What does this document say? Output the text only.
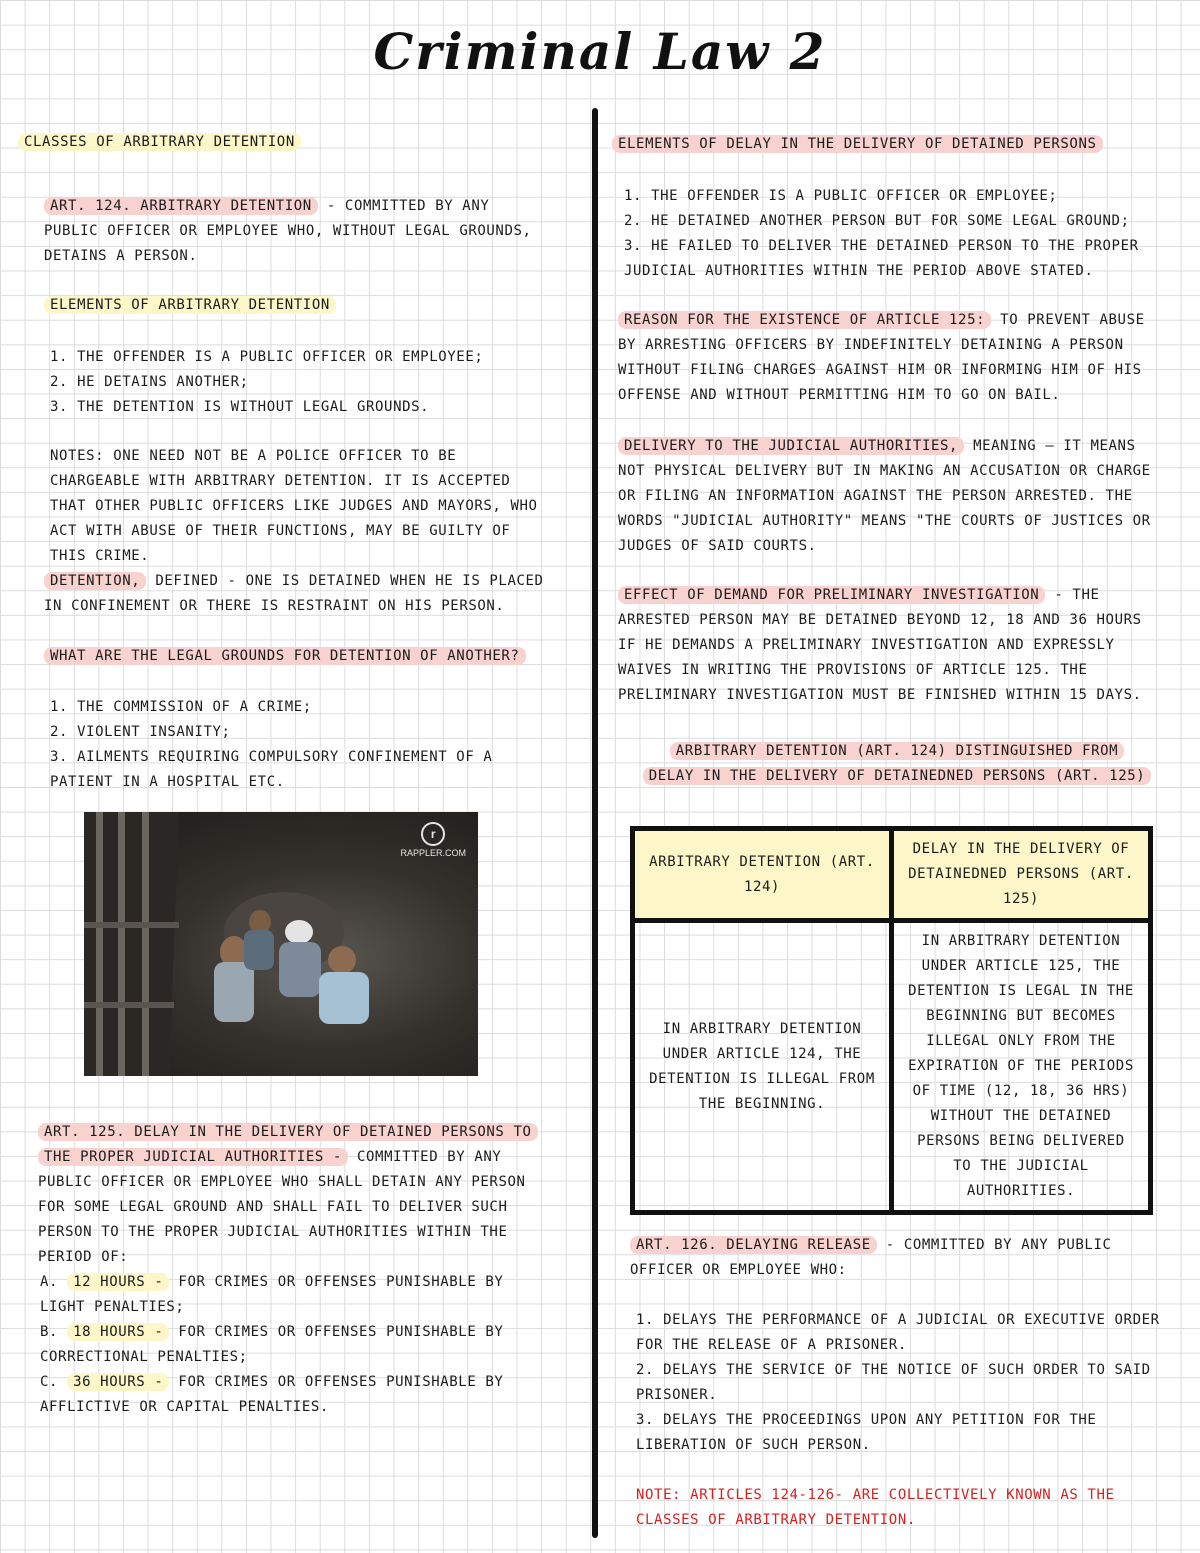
Criminal Law 2
CLASSES OF ARBITRARY DETENTION
ART. 124. ARBITRARY DETENTION - COMMITTED BY ANY PUBLIC OFFICER OR EMPLOYEE WHO, WITHOUT LEGAL GROUNDS, DETAINS A PERSON.
ELEMENTS OF ARBITRARY DETENTION

1. THE OFFENDER IS A PUBLIC OFFICER OR EMPLOYEE;

2. HE DETAINS ANOTHER;

3. THE DETENTION IS WITHOUT LEGAL GROUNDS.

NOTES: ONE NEED NOT BE A POLICE OFFICER TO BE CHARGEABLE WITH ARBITRARY DETENTION. IT IS ACCEPTED THAT OTHER PUBLIC OFFICERS LIKE JUDGES AND MAYORS, WHO ACT WITH ABUSE OF THEIR FUNCTIONS, MAY BE GUILTY OF THIS CRIME.
DETENTION, DEFINED - ONE IS DETAINED WHEN HE IS PLACED IN CONFINEMENT OR THERE IS RESTRAINT ON HIS PERSON.
WHAT ARE THE LEGAL GROUNDS FOR DETENTION OF ANOTHER?

1. THE COMMISSION OF A CRIME;

2. VIOLENT INSANITY;

3. AILMENTS REQUIRING COMPULSORY CONFINEMENT OF A PATIENT IN A HOSPITAL ETC.

r
RAPPLER.COM
ART. 125. DELAY IN THE DELIVERY OF DETAINED PERSONS TO THE PROPER JUDICIAL AUTHORITIES - COMMITTED BY ANY PUBLIC OFFICER OR EMPLOYEE WHO SHALL DETAIN ANY PERSON FOR SOME LEGAL GROUND AND SHALL FAIL TO DELIVER SUCH PERSON TO THE PROPER JUDICIAL AUTHORITIES WITHIN THE PERIOD OF:

A. 12 HOURS - FOR CRIMES OR OFFENSES PUNISHABLE BY LIGHT PENALTIES;

B. 18 HOURS - FOR CRIMES OR OFFENSES PUNISHABLE BY CORRECTIONAL PENALTIES;

C. 36 HOURS - FOR CRIMES OR OFFENSES PUNISHABLE BY AFFLICTIVE OR CAPITAL PENALTIES.

ELEMENTS OF DELAY IN THE DELIVERY OF DETAINED PERSONS

1. THE OFFENDER IS A PUBLIC OFFICER OR EMPLOYEE;

2. HE DETAINED ANOTHER PERSON BUT FOR SOME LEGAL GROUND;

3. HE FAILED TO DELIVER THE DETAINED PERSON TO THE PROPER JUDICIAL AUTHORITIES WITHIN THE PERIOD ABOVE STATED.

REASON FOR THE EXISTENCE OF ARTICLE 125: TO PREVENT ABUSE BY ARRESTING OFFICERS BY INDEFINITELY DETAINING A PERSON WITHOUT FILING CHARGES AGAINST HIM OR INFORMING HIM OF HIS OFFENSE AND WITHOUT PERMITTING HIM TO GO ON BAIL.
DELIVERY TO THE JUDICIAL AUTHORITIES, MEANING — IT MEANS NOT PHYSICAL DELIVERY BUT IN MAKING AN ACCUSATION OR CHARGE OR FILING AN INFORMATION AGAINST THE PERSON ARRESTED. THE WORDS "JUDICIAL AUTHORITY" MEANS "THE COURTS OF JUSTICES OR JUDGES OF SAID COURTS.
EFFECT OF DEMAND FOR PRELIMINARY INVESTIGATION - THE ARRESTED PERSON MAY BE DETAINED BEYOND 12, 18 AND 36 HOURS IF HE DEMANDS A PRELIMINARY INVESTIGATION AND EXPRESSLY WAIVES IN WRITING THE PROVISIONS OF ARTICLE 125. THE PRELIMINARY INVESTIGATION MUST BE FINISHED WITHIN 15 DAYS.

ARBITRARY DETENTION (ART. 124) DISTINGUISHED FROM

DELAY IN THE DELIVERY OF DETAINEDNED PERSONS (ART. 125)

ARBITRARY DETENTION (ART. 124)	DELAY IN THE DELIVERY OF DETAINEDNED PERSONS (ART. 125)
IN ARBITRARY DETENTION UNDER ARTICLE 124, THE DETENTION IS ILLEGAL FROM THE BEGINNING.	IN ARBITRARY DETENTION UNDER ARTICLE 125, THE DETENTION IS LEGAL IN THE BEGINNING BUT BECOMES ILLEGAL ONLY FROM THE EXPIRATION OF THE PERIODS OF TIME (12, 18, 36 HRS) WITHOUT THE DETAINED PERSONS BEING DELIVERED TO THE JUDICIAL AUTHORITIES.
ART. 126. DELAYING RELEASE - COMMITTED BY ANY PUBLIC OFFICER OR EMPLOYEE WHO:

1. DELAYS THE PERFORMANCE OF A JUDICIAL OR EXECUTIVE ORDER FOR THE RELEASE OF A PRISONER.

2. DELAYS THE SERVICE OF THE NOTICE OF SUCH ORDER TO SAID PRISONER.

3. DELAYS THE PROCEEDINGS UPON ANY PETITION FOR THE LIBERATION OF SUCH PERSON.

NOTE: ARTICLES 124-126- ARE COLLECTIVELY KNOWN AS THE CLASSES OF ARBITRARY DETENTION.
